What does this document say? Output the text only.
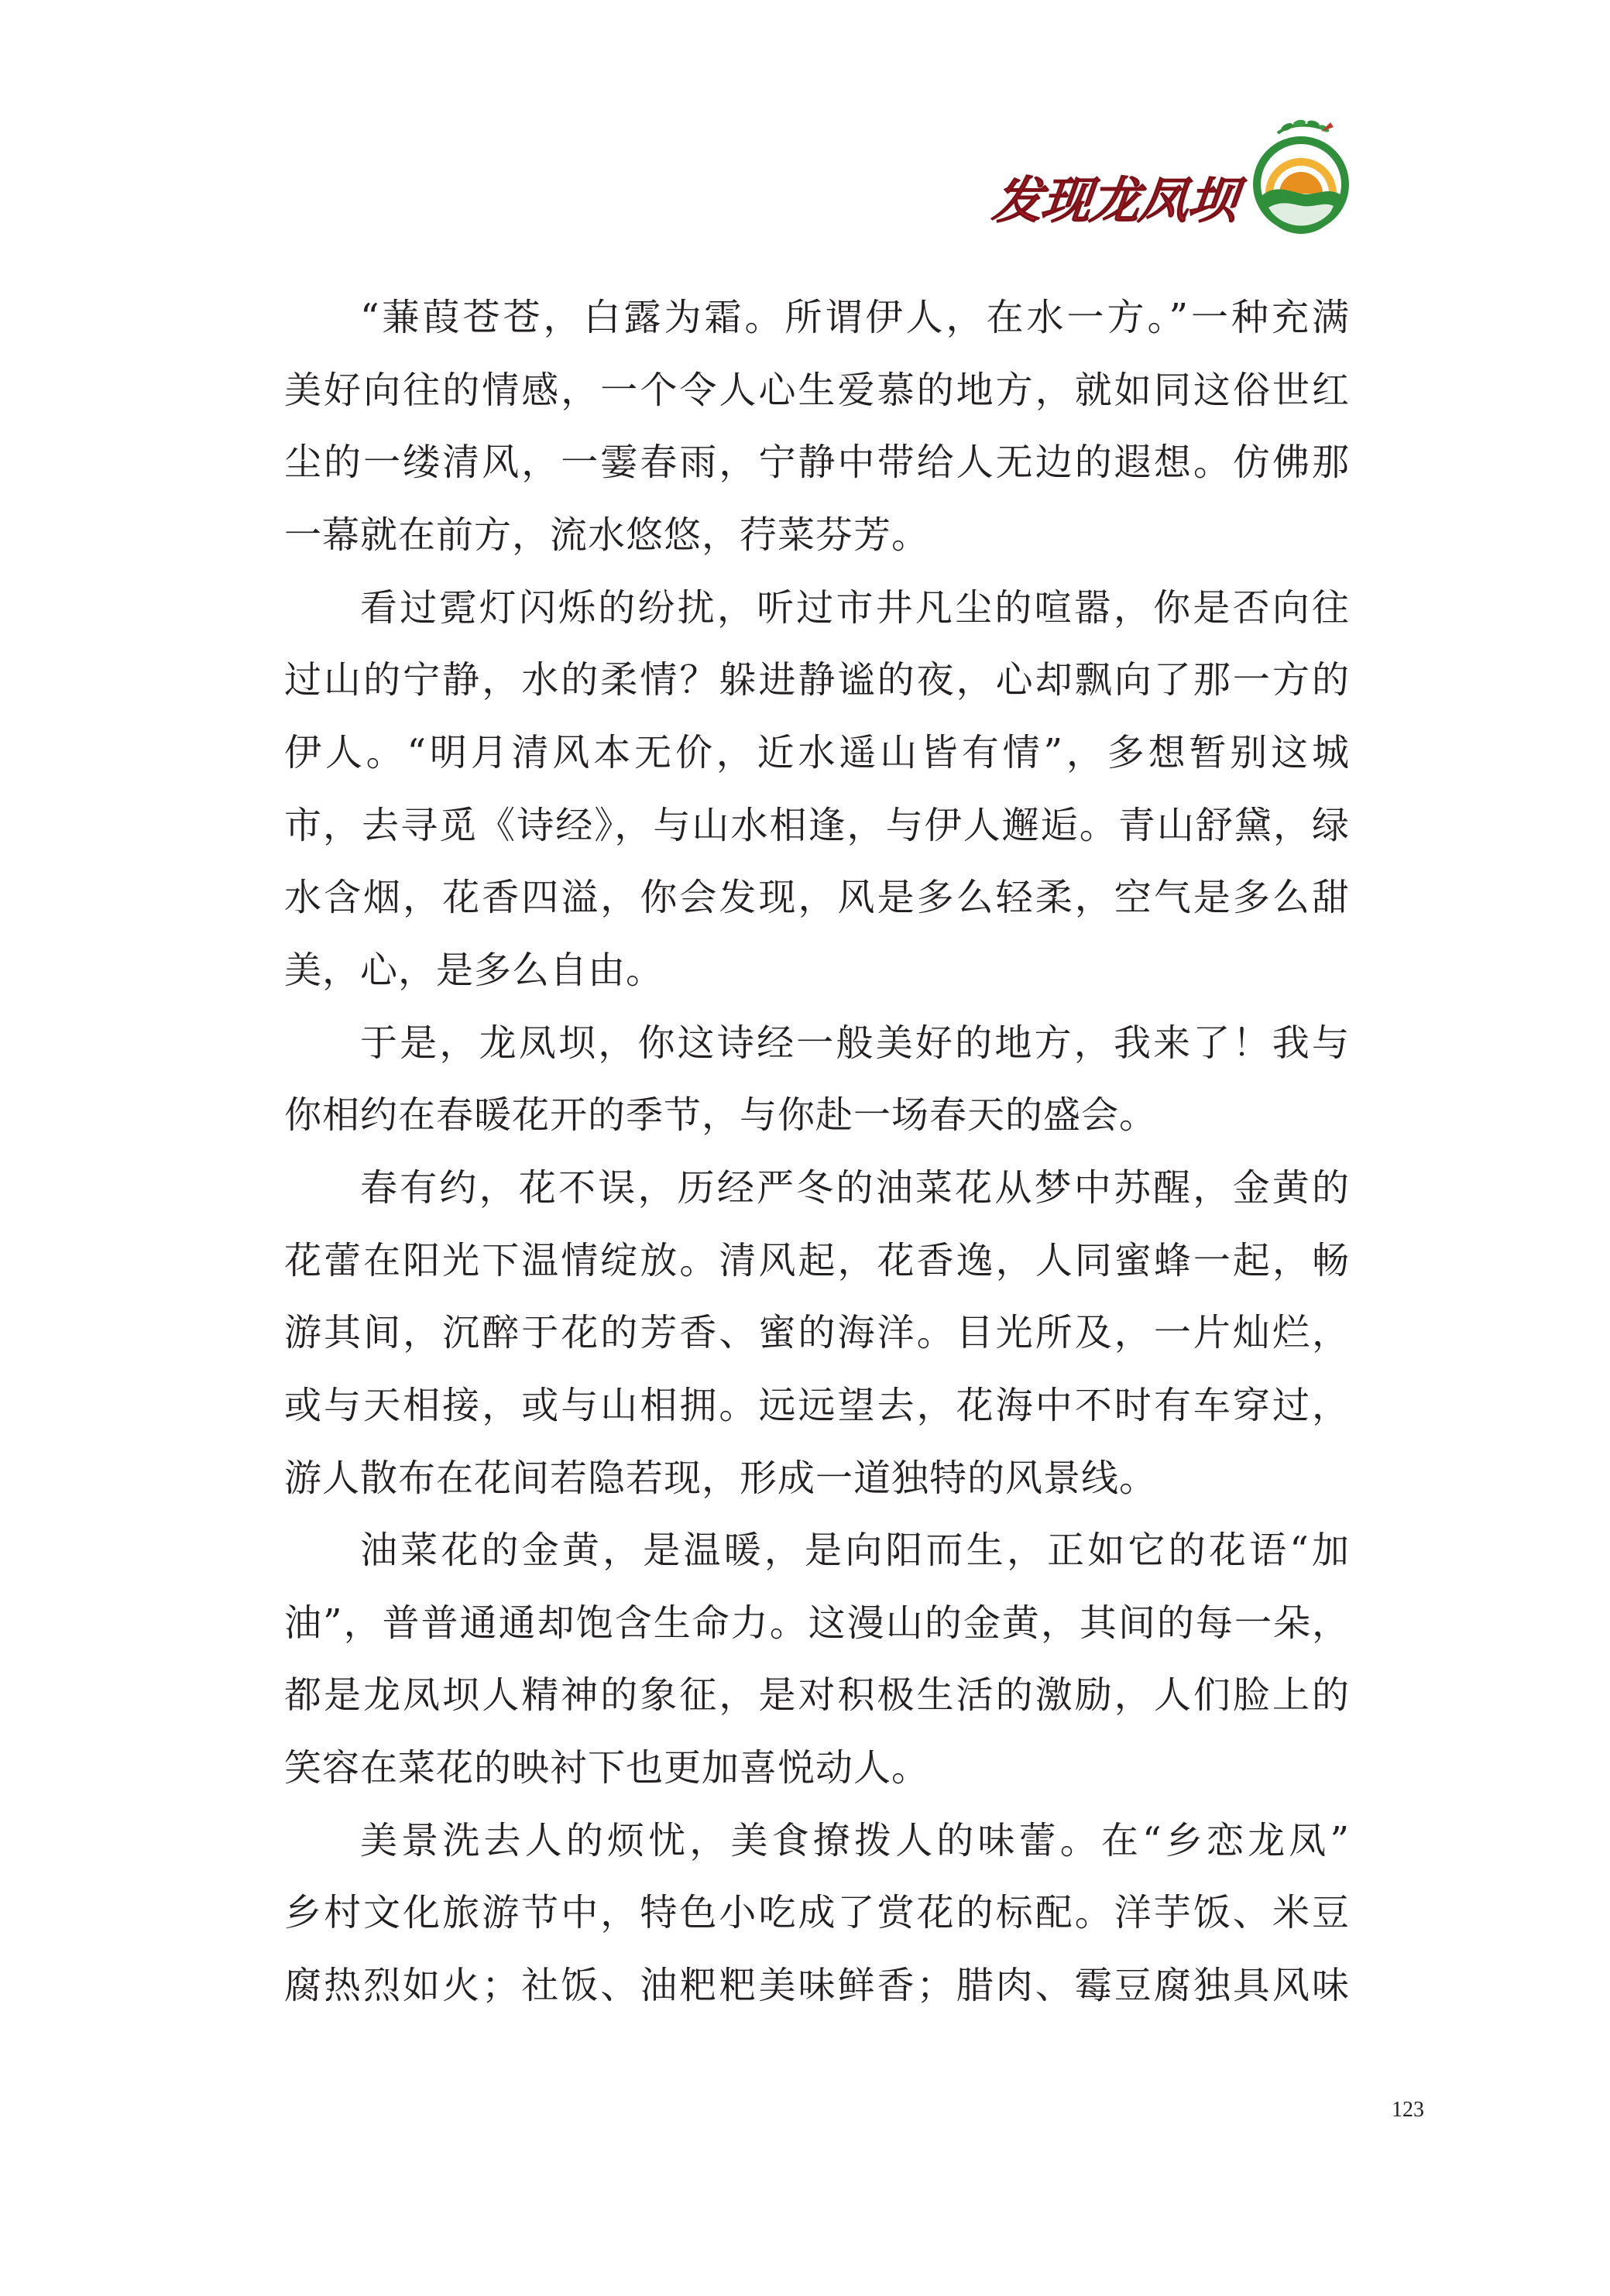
发现龙凤坝
“蒹葭苍苍，白露为霜。所谓伊人，在水一方。”一种充满
美好向往的情感，一个令人心生爱慕的地方，就如同这俗世红
尘的一缕清风，一霎春雨，宁静中带给人无边的遐想。仿佛那
一幕就在前方，流水悠悠，荇菜芬芳。
看过霓灯闪烁的纷扰，听过市井凡尘的喧嚣，你是否向往
过山的宁静，水的柔情？躲进静谧的夜，心却飘向了那一方的
伊人。“明月清风本无价，近水遥山皆有情”，多想暂别这城
市，去寻觅《诗经》，与山水相逢，与伊人邂逅。青山舒黛，绿
水含烟，花香四溢，你会发现，风是多么轻柔，空气是多么甜
美，心，是多么自由。
于是，龙凤坝，你这诗经一般美好的地方，我来了！我与
你相约在春暖花开的季节，与你赴一场春天的盛会。
春有约，花不误，历经严冬的油菜花从梦中苏醒，金黄的
花蕾在阳光下温情绽放。清风起，花香逸，人同蜜蜂一起，畅
游其间，沉醉于花的芳香、蜜的海洋。目光所及，一片灿烂，
或与天相接，或与山相拥。远远望去，花海中不时有车穿过，
游人散布在花间若隐若现，形成一道独特的风景线。
油菜花的金黄，是温暖，是向阳而生，正如它的花语“加
油”，普普通通却饱含生命力。这漫山的金黄，其间的每一朵，
都是龙凤坝人精神的象征，是对积极生活的激励，人们脸上的
笑容在菜花的映衬下也更加喜悦动人。
美景洗去人的烦忧，美食撩拨人的味蕾。在“乡恋龙凤”
乡村文化旅游节中，特色小吃成了赏花的标配。洋芋饭、米豆
腐热烈如火；社饭、油粑粑美味鲜香；腊肉、霉豆腐独具风味
123
